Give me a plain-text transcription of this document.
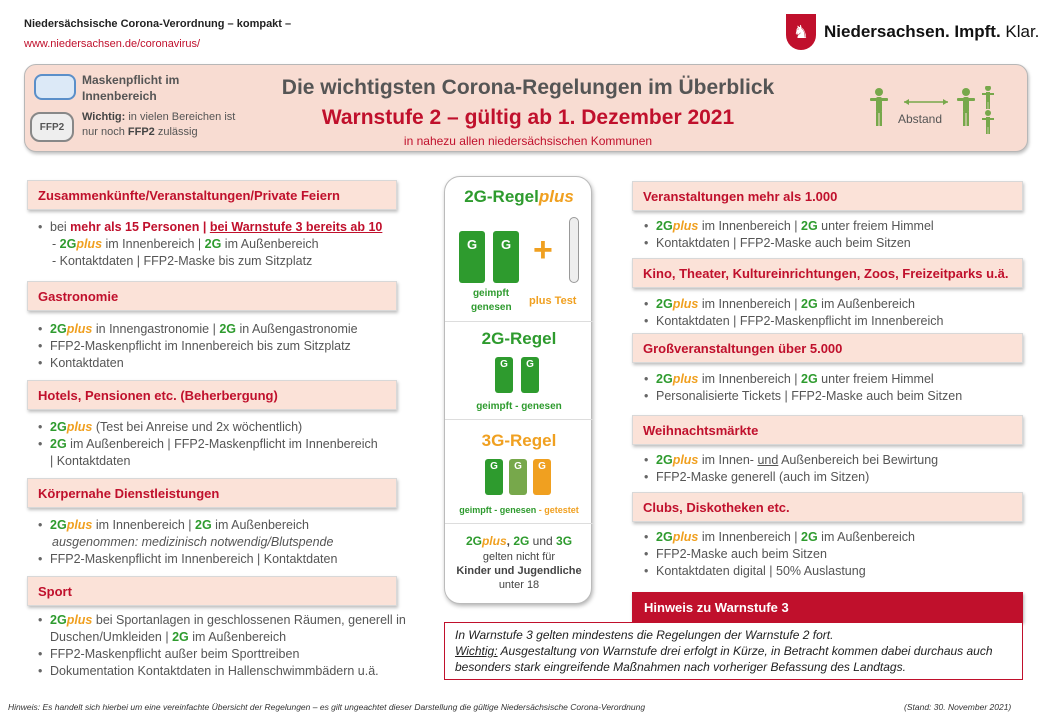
Niedersächsische Corona-Verordnung – kompakt –
www.niedersachsen.de/coronavirus/
♞ Niedersachsen. Impft. Klar.
FFP2
Maskenpflicht im Innenbereich
Wichtig: in vielen Bereichen ist nur noch FFP2 zulässig
Die wichtigsten Corona-Regelungen im Überblick
Warnstufe 2 – gültig ab 1. Dezember 2021
in nahezu allen niedersächsischen Kommunen
Abstand
Zusammenkünfte/Veranstaltungen/Private Feiern
• bei mehr als 15 Personen | bei Warnstufe 3 bereits ab 10
- 2Gplus im Innenbereich | 2G im Außenbereich
- Kontaktdaten | FFP2-Maske bis zum Sitzplatz
Gastronomie
• 2Gplus in Innengastronomie | 2G in Außengastronomie
• FFP2-Maskenpflicht im Innenbereich bis zum Sitzplatz
• Kontaktdaten
Hotels, Pensionen etc. (Beherbergung)
• 2Gplus (Test bei Anreise und 2x wöchentlich)
• 2G im Außenbereich | FFP2-Maskenpflicht im Innenbereich | Kontaktdaten
Körpernahe Dienstleistungen
• 2Gplus im Innenbereich | 2G im Außenbereich
ausgenommen: medizinisch notwendig/Blutspende
• FFP2-Maskenpflicht im Innenbereich | Kontaktdaten
Sport
• 2Gplus bei Sportanlagen in geschlossenen Räumen, generell in Duschen/Umkleiden | 2G im Außenbereich
• FFP2-Maskenpflicht außer beim Sporttreiben
• Dokumentation Kontaktdaten in Hallenschwimmbädern u.ä.
2G-Regelplus
G	G +
geimpft
genesen
plus Test
2G-Regel
G	G
geimpft - genesen
3G-Regel
G	G	G
geimpft - genesen - getestet
2Gplus, 2G und 3G
gelten nicht für
Kinder und Jugendliche
unter 18
Veranstaltungen mehr als 1.000
• 2Gplus im Innenbereich | 2G unter freiem Himmel
• Kontaktdaten | FFP2-Maske auch beim Sitzen
Kino, Theater, Kultureinrichtungen, Zoos, Freizeitparks u.ä.
• 2Gplus im Innenbereich | 2G im Außenbereich
• Kontaktdaten | FFP2-Maskenpflicht im Innenbereich
Großveranstaltungen über 5.000
• 2Gplus im Innenbereich | 2G unter freiem Himmel
• Personalisierte Tickets | FFP2-Maske auch beim Sitzen
Weihnachtsmärkte
• 2Gplus im Innen- und Außenbereich bei Bewirtung
• FFP2-Maske generell (auch im Sitzen)
Clubs, Diskotheken etc.
• 2Gplus im Innenbereich | 2G im Außenbereich
• FFP2-Maske auch beim Sitzen
• Kontaktdaten digital | 50% Auslastung
Hinweis zu Warnstufe 3
In Warnstufe 3 gelten mindestens die Regelungen der Warnstufe 2 fort.
Wichtig: Ausgestaltung von Warnstufe drei erfolgt in Kürze, in Betracht kommen dabei durchaus auch besonders stark eingreifende Maßnahmen nach vorheriger Befassung des Landtags.
Hinweis: Es handelt sich hierbei um eine vereinfachte Übersicht der Regelungen – es gilt ungeachtet dieser Darstellung die gültige Niedersächsische Corona-Verordnung	(Stand: 30. November 2021)
